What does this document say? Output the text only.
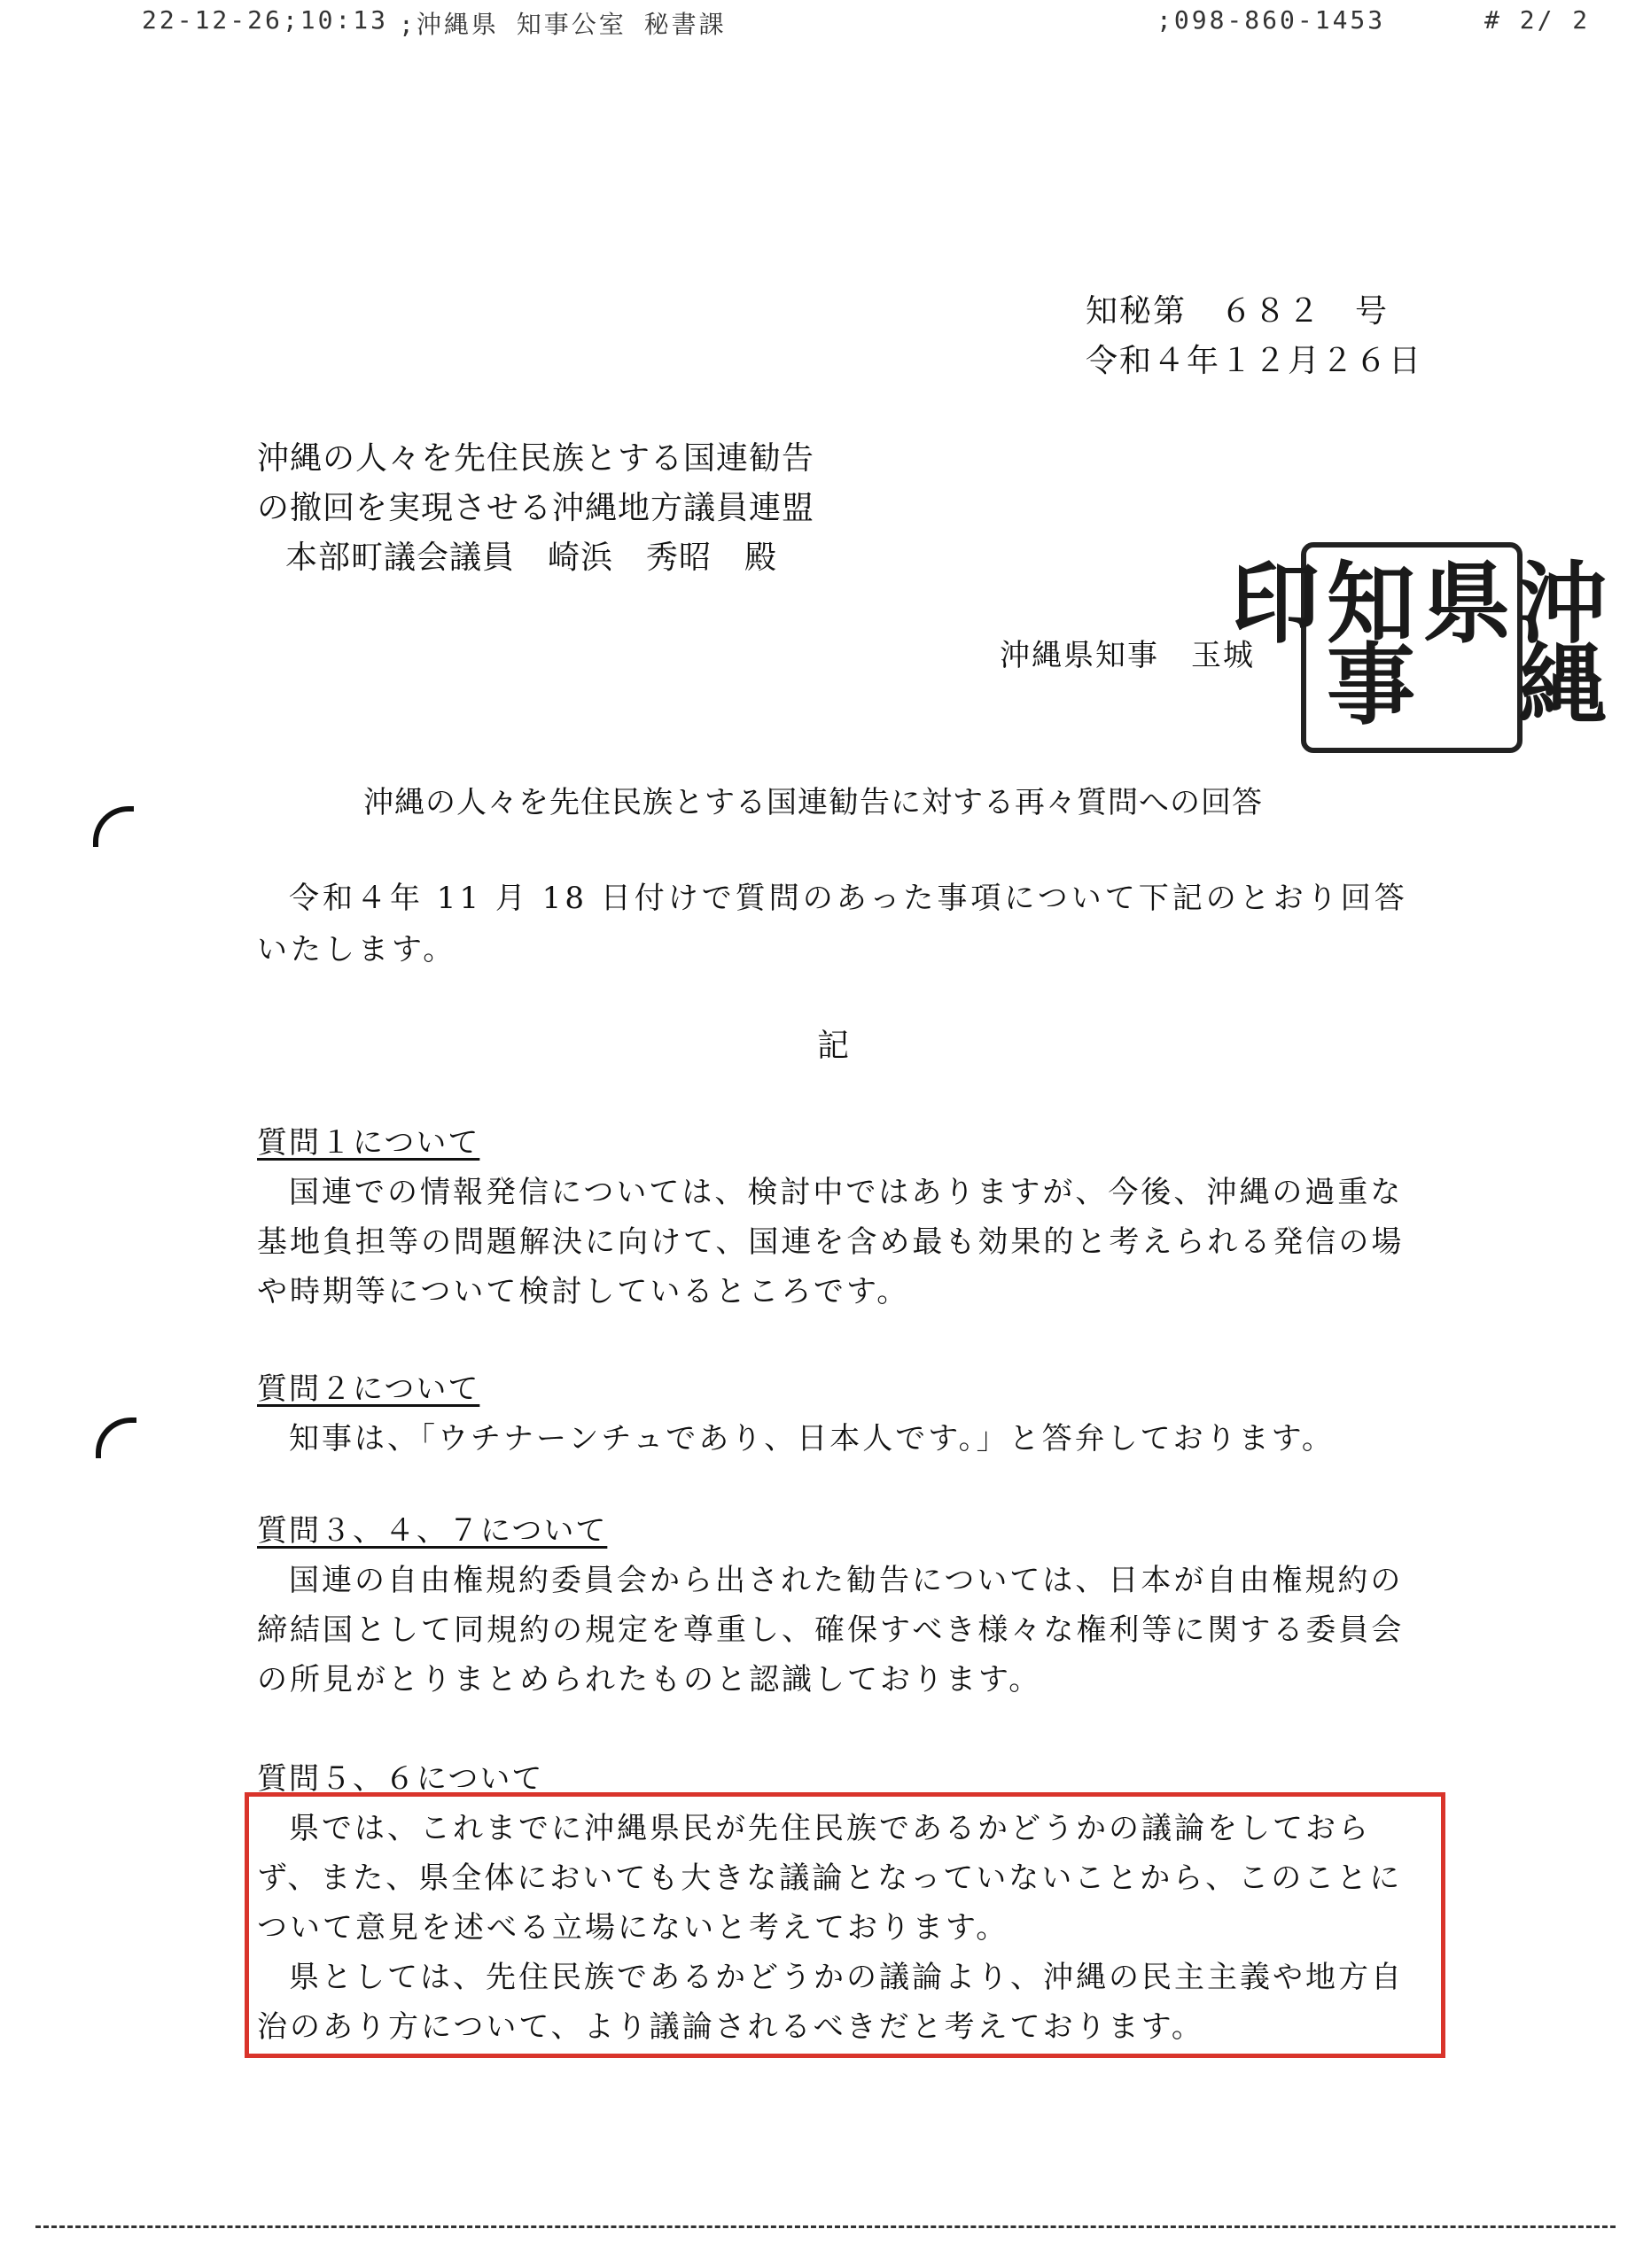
22-12-26;10:13 ;沖縄県 知事公室 秘書課	;098-860-1453	# 2/ 2
知秘第　６８２　号
令和４年１２月２６日
沖縄の人々を先住民族とする国連勧告
の撤回を実現させる沖縄地方議員連盟
本部町議会議員　崎浜　秀昭　殿
沖縄県知事　玉城	沖縄県
知事印
沖縄の人々を先住民族とする国連勧告に対する再々質問への回答

令和４年 11 月 18 日付けで質問のあった事項について下記のとおり回答いたします。

記
質問１について

国連での情報発信については、検討中ではありますが、今後、沖縄の過重な基地負担等の問題解決に向けて、国連を含め最も効果的と考えられる発信の場や時期等について検討しているところです。

質問２について

知事は、「ウチナーンチュであり、日本人です。」と答弁しております。

質問３、４、７について

国連の自由権規約委員会から出された勧告については、日本が自由権規約の締結国として同規約の規定を尊重し、確保すべき様々な権利等に関する委員会の所見がとりまとめられたものと認識しております。

質問５、６について

県では、これまでに沖縄県民が先住民族であるかどうかの議論をしておらず、また、県全体においても大きな議論となっていないことから、このことについて意見を述べる立場にないと考えております。

県としては、先住民族であるかどうかの議論より、沖縄の民主主義や地方自治のあり方について、より議論されるべきだと考えております。
